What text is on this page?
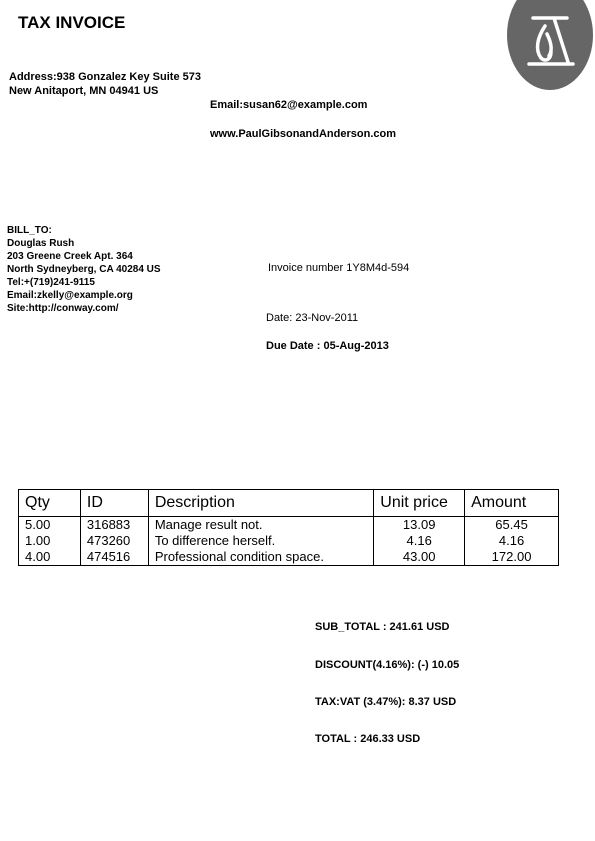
TAX INVOICE
Address:938 Gonzalez Key Suite 573
New Anitaport, MN 04941 US
Email:susan62@example.com
www.PaulGibsonandAnderson.com
BILL_TO:
Douglas Rush
203 Greene Creek Apt. 364
North Sydneyberg, CA 40284 US
Tel:+(719)241-9115
Email:zkelly@example.org
Site:http://conway.com/
Invoice number 1Y8M4d-594
Date: 23-Nov-2011
Due Date : 05-Aug-2013
Qty	ID	Description	Unit price	Amount
5.00	316883	Manage result not.	13.09	65.45
1.00	473260	To difference herself.	4.16	4.16
4.00	474516	Professional condition space.	43.00	172.00
SUB_TOTAL : 241.61 USD
DISCOUNT(4.16%): (-) 10.05
TAX:VAT (3.47%): 8.37 USD
TOTAL : 246.33 USD
